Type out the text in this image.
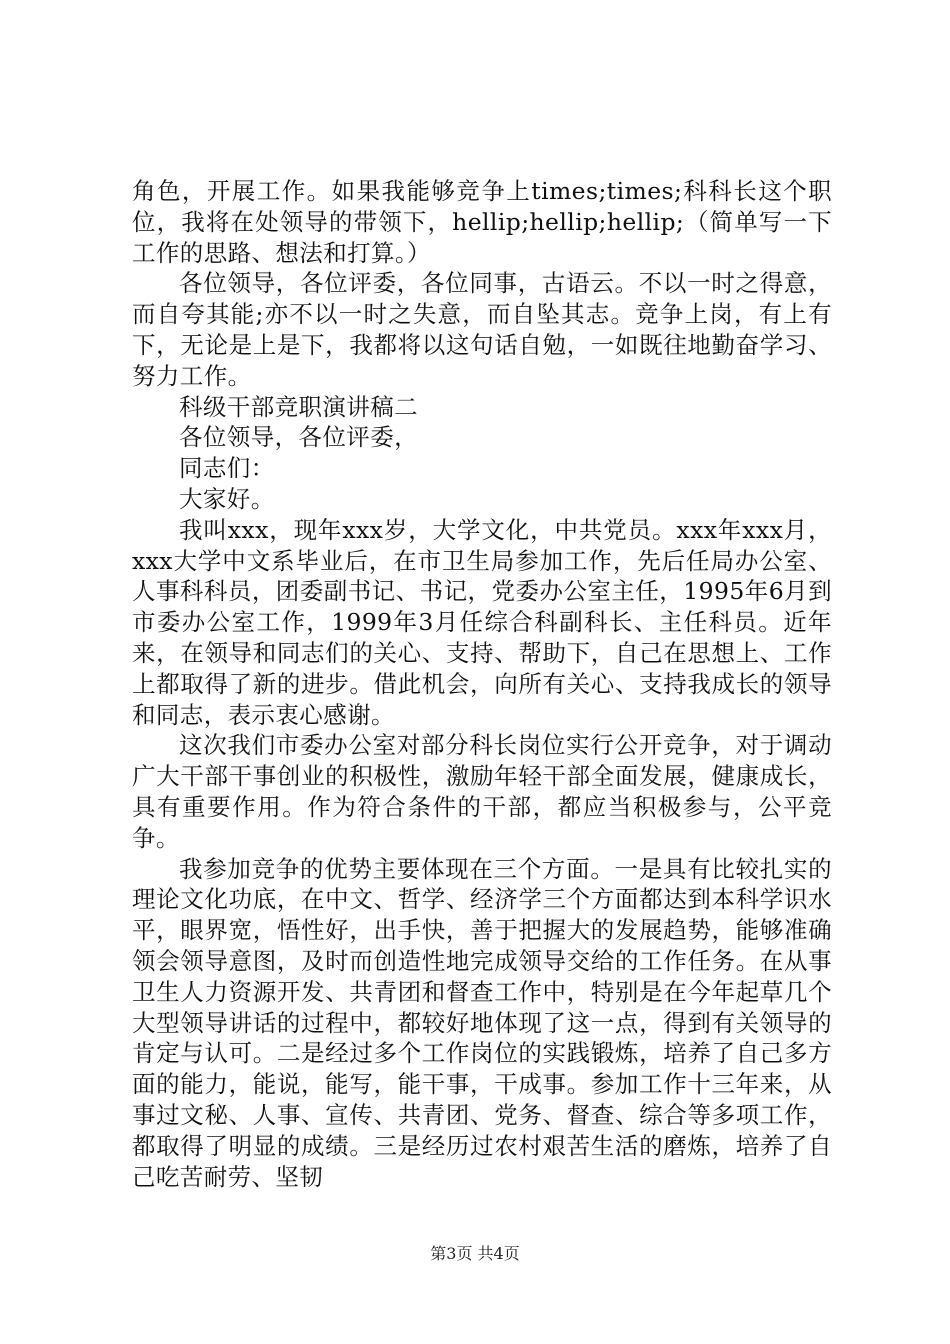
角色，开展工作。如果我能够竞争上times;times;科科长这个职位，我将在处领导的带领下，hellip;hellip;hellip;（简单写一下工作的思路、想法和打算。）

各位领导，各位评委，各位同事，古语云。不以一时之得意，而自夸其能;亦不以一时之失意，而自坠其志。竞争上岗，有上有下，无论是上是下，我都将以这句话自勉，一如既往地勤奋学习、努力工作。

科级干部竞职演讲稿二

各位领导，各位评委，

同志们：

大家好。

我叫xxx，现年xxx岁，大学文化，中共党员。xxx年xxx月，xxx大学中文系毕业后，在市卫生局参加工作，先后任局办公室、人事科科员，团委副书记、书记，党委办公室主任，1995年6月到市委办公室工作，1999年3月任综合科副科长、主任科员。近年来，在领导和同志们的关心、支持、帮助下，自己在思想上、工作上都取得了新的进步。借此机会，向所有关心、支持我成长的领导和同志，表示衷心感谢。

这次我们市委办公室对部分科长岗位实行公开竞争，对于调动广大干部干事创业的积极性，激励年轻干部全面发展，健康成长，具有重要作用。作为符合条件的干部，都应当积极参与，公平竞争。

我参加竞争的优势主要体现在三个方面。一是具有比较扎实的理论文化功底，在中文、哲学、经济学三个方面都达到本科学识水平，眼界宽，悟性好，出手快，善于把握大的发展趋势，能够准确领会领导意图，及时而创造性地完成领导交给的工作任务。在从事卫生人力资源开发、共青团和督查工作中，特别是在今年起草几个大型领导讲话的过程中，都较好地体现了这一点，得到有关领导的肯定与认可。二是经过多个工作岗位的实践锻炼，培养了自己多方面的能力，能说，能写，能干事，干成事。参加工作十三年来，从事过文秘、人事、宣传、共青团、党务、督查、综合等多项工作，都取得了明显的成绩。三是经历过农村艰苦生活的磨炼，培养了自己吃苦耐劳、坚韧

第3页 共4页
